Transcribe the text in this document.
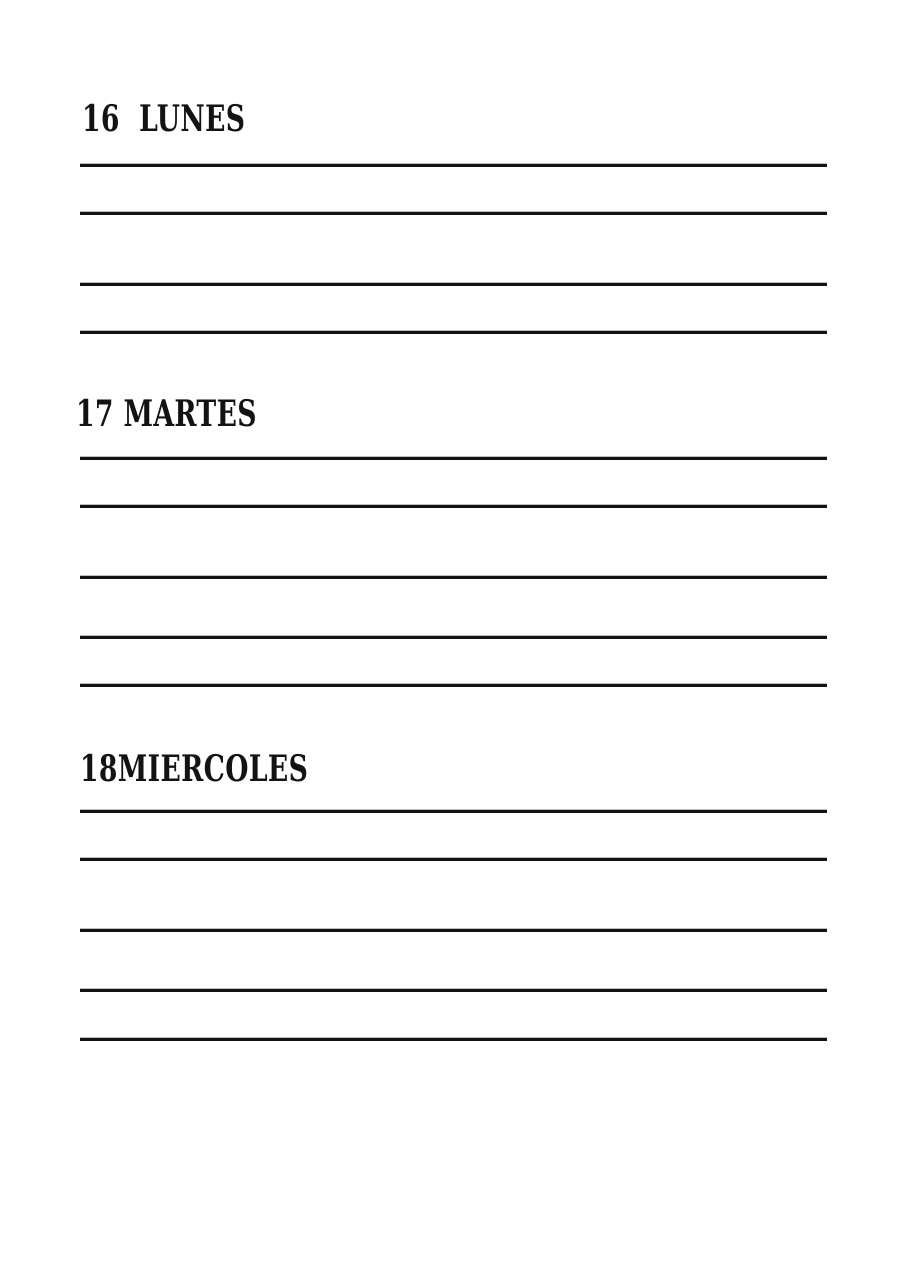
16  LUNES
17 MARTES
18MIERCOLES
